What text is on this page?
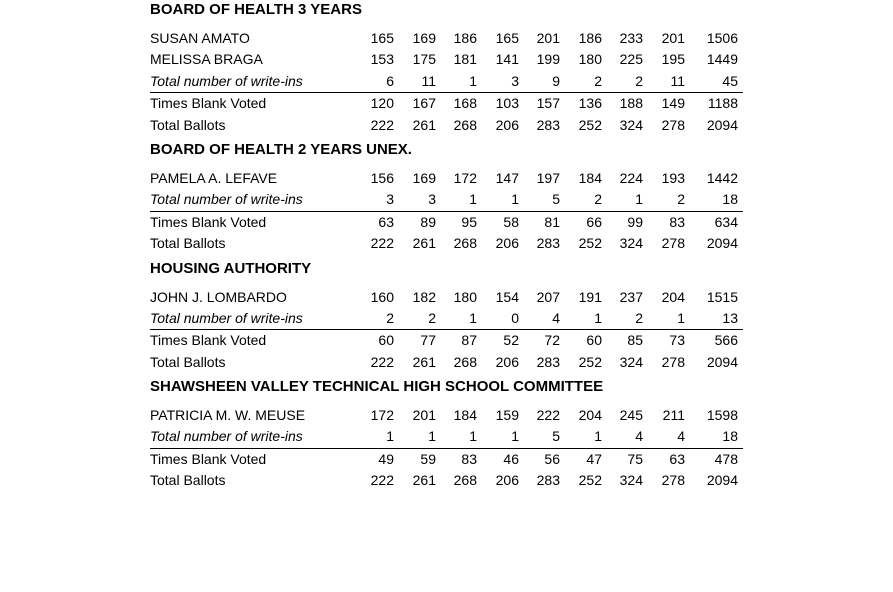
BOARD OF HEALTH 3 YEARS
SUSAN AMATO	165	169	186	165	201	186	233	201	1506
MELISSA BRAGA	153	175	181	141	199	180	225	195	1449
Total number of write-ins	6	11	1	3	9	2	2	11	45
Times Blank Voted	120	167	168	103	157	136	188	149	1188
Total Ballots	222	261	268	206	283	252	324	278	2094
BOARD OF HEALTH 2 YEARS UNEX.
PAMELA A. LEFAVE	156	169	172	147	197	184	224	193	1442
Total number of write-ins	3	3	1	1	5	2	1	2	18
Times Blank Voted	63	89	95	58	81	66	99	83	634
Total Ballots	222	261	268	206	283	252	324	278	2094
HOUSING AUTHORITY
JOHN J. LOMBARDO	160	182	180	154	207	191	237	204	1515
Total number of write-ins	2	2	1	0	4	1	2	1	13
Times Blank Voted	60	77	87	52	72	60	85	73	566
Total Ballots	222	261	268	206	283	252	324	278	2094
SHAWSHEEN VALLEY TECHNICAL HIGH SCHOOL COMMITTEE
PATRICIA M. W. MEUSE	172	201	184	159	222	204	245	211	1598
Total number of write-ins	1	1	1	1	5	1	4	4	18
Times Blank Voted	49	59	83	46	56	47	75	63	478
Total Ballots	222	261	268	206	283	252	324	278	2094
